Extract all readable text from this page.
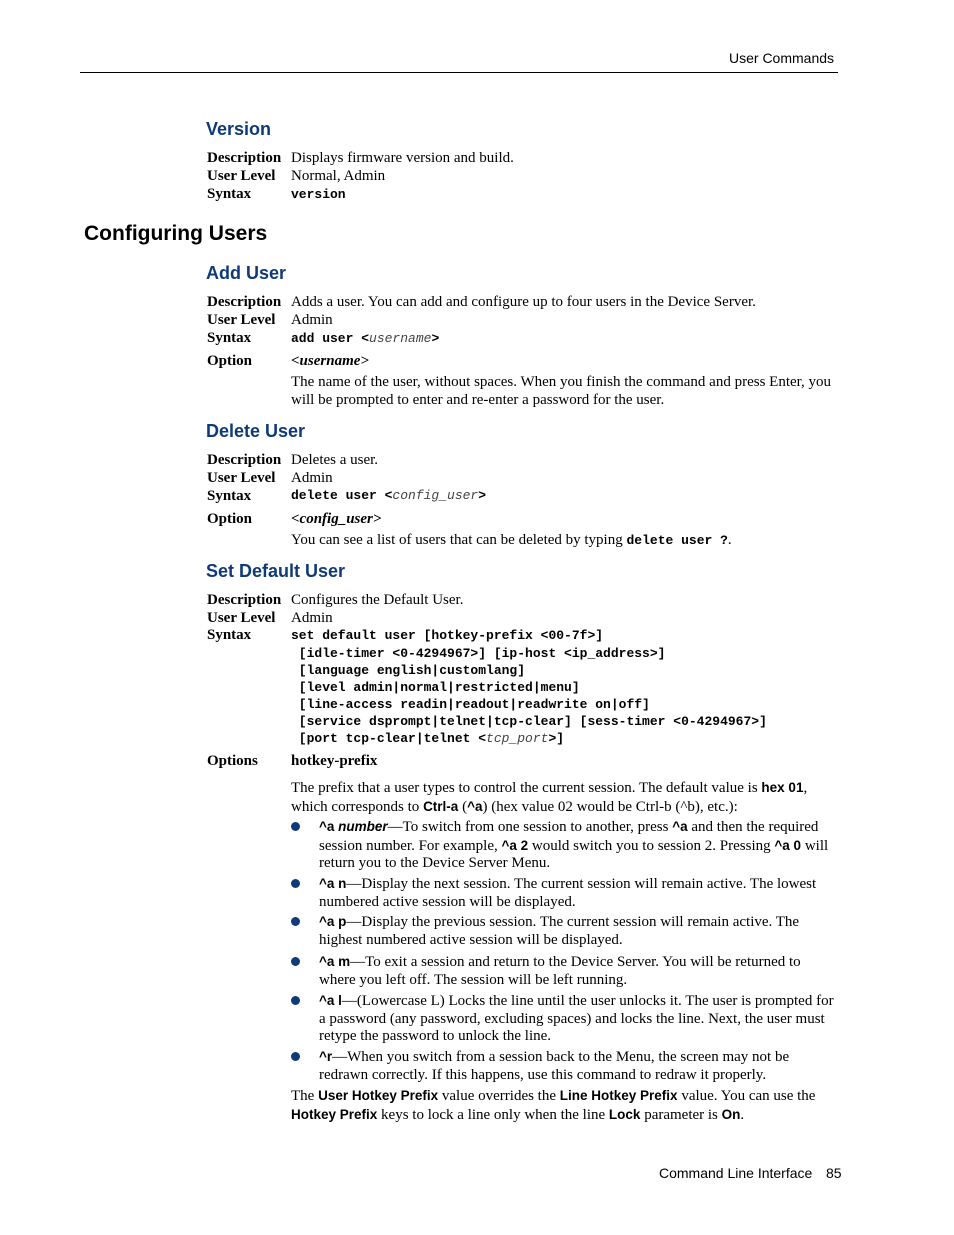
User Commands
Version
Description Displays firmware version and build.
User Level Normal, Admin
Syntax	version
Configuring Users
Add User
Description Adds a user. You can add and configure up to four users in the Device Server.
User Level Admin
Syntax	add user <username>
Option	<username>
The name of the user, without spaces. When you finish the command and press Enter, you will be prompted to enter and re-enter a password for the user.
Delete User
Description Deletes a user.
User Level Admin
Syntax	delete user <config_user>
Option	<config_user>
You can see a list of users that can be deleted by typing delete user ?.
Set Default User
Description Configures the Default User.
User Level Admin
Syntax	set default user [hotkey-prefix <00-7f>]
[idle-timer <0-4294967>] [ip-host <ip_address>]
[language english|customlang]
[level admin|normal|restricted|menu]
[line-access readin|readout|readwrite on|off]
[service dsprompt|telnet|tcp-clear] [sess-timer <0-4294967>]
[port tcp-clear|telnet <tcp_port>]
Options hotkey-prefix
The prefix that a user types to control the current session. The default value is hex 01, which corresponds to Ctrl-a (^a) (hex value 02 would be Ctrl-b (^b), etc.):
^a number—To switch from one session to another, press ^a and then the required session number. For example, ^a 2 would switch you to session 2. Pressing ^a 0 will return you to the Device Server Menu.
^a n—Display the next session. The current session will remain active. The lowest numbered active session will be displayed.
^a p—Display the previous session. The current session will remain active. The highest numbered active session will be displayed.
^a m—To exit a session and return to the Device Server. You will be returned to where you left off. The session will be left running.
^a l—(Lowercase L) Locks the line until the user unlocks it. The user is prompted for a password (any password, excluding spaces) and locks the line. Next, the user must retype the password to unlock the line.
^r—When you switch from a session back to the Menu, the screen may not be redrawn correctly. If this happens, use this command to redraw it properly.
The User Hotkey Prefix value overrides the Line Hotkey Prefix value. You can use the Hotkey Prefix keys to lock a line only when the line Lock parameter is On.
Command Line Interface 85
